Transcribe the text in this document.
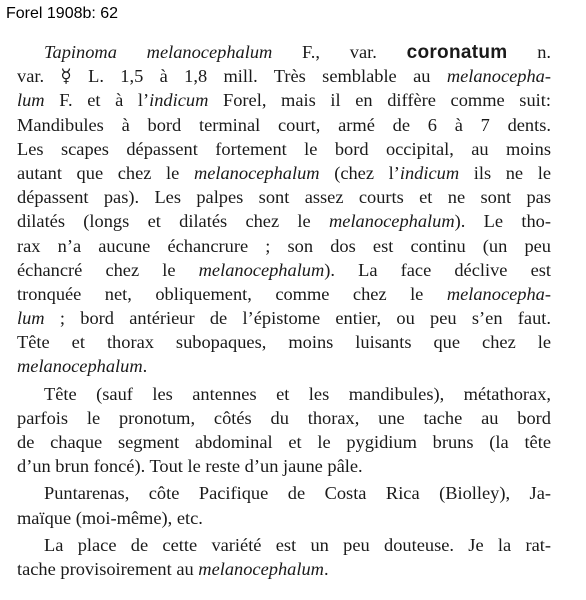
Forel 1908b: 62
Tapinoma melanocephalum F., var. coronatum n.
var. ☿ L. 1,5 à 1,8 mill. Très semblable au melanocepha-
lum F. et à l’indicum Forel, mais il en diffère comme suit:
Mandibules à bord terminal court, armé de 6 à 7 dents.
Les scapes dépassent fortement le bord occipital, au moins
autant que chez le melanocephalum (chez l’indicum ils ne le
dépassent pas). Les palpes sont assez courts et ne sont pas
dilatés (longs et dilatés chez le melanocephalum). Le tho-
rax n’a aucune échancrure ; son dos est continu (un peu
échancré chez le melanocephalum). La face déclive est
tronquée net, obliquement, comme chez le melanocepha-
lum ; bord antérieur de l’épistome entier, ou peu s’en faut.
Tête et thorax subopaques, moins luisants que chez le
melanocephalum.
Tête (sauf les antennes et les mandibules), métathorax,
parfois le pronotum, côtés du thorax, une tache au bord
de chaque segment abdominal et le pygidium bruns (la tête
d’un brun foncé). Tout le reste d’un jaune pâle.
Puntarenas, côte Pacifique de Costa Rica (Biolley), Ja-
maïque (moi-même), etc.
La place de cette variété est un peu douteuse. Je la rat-
tache provisoirement au melanocephalum.
